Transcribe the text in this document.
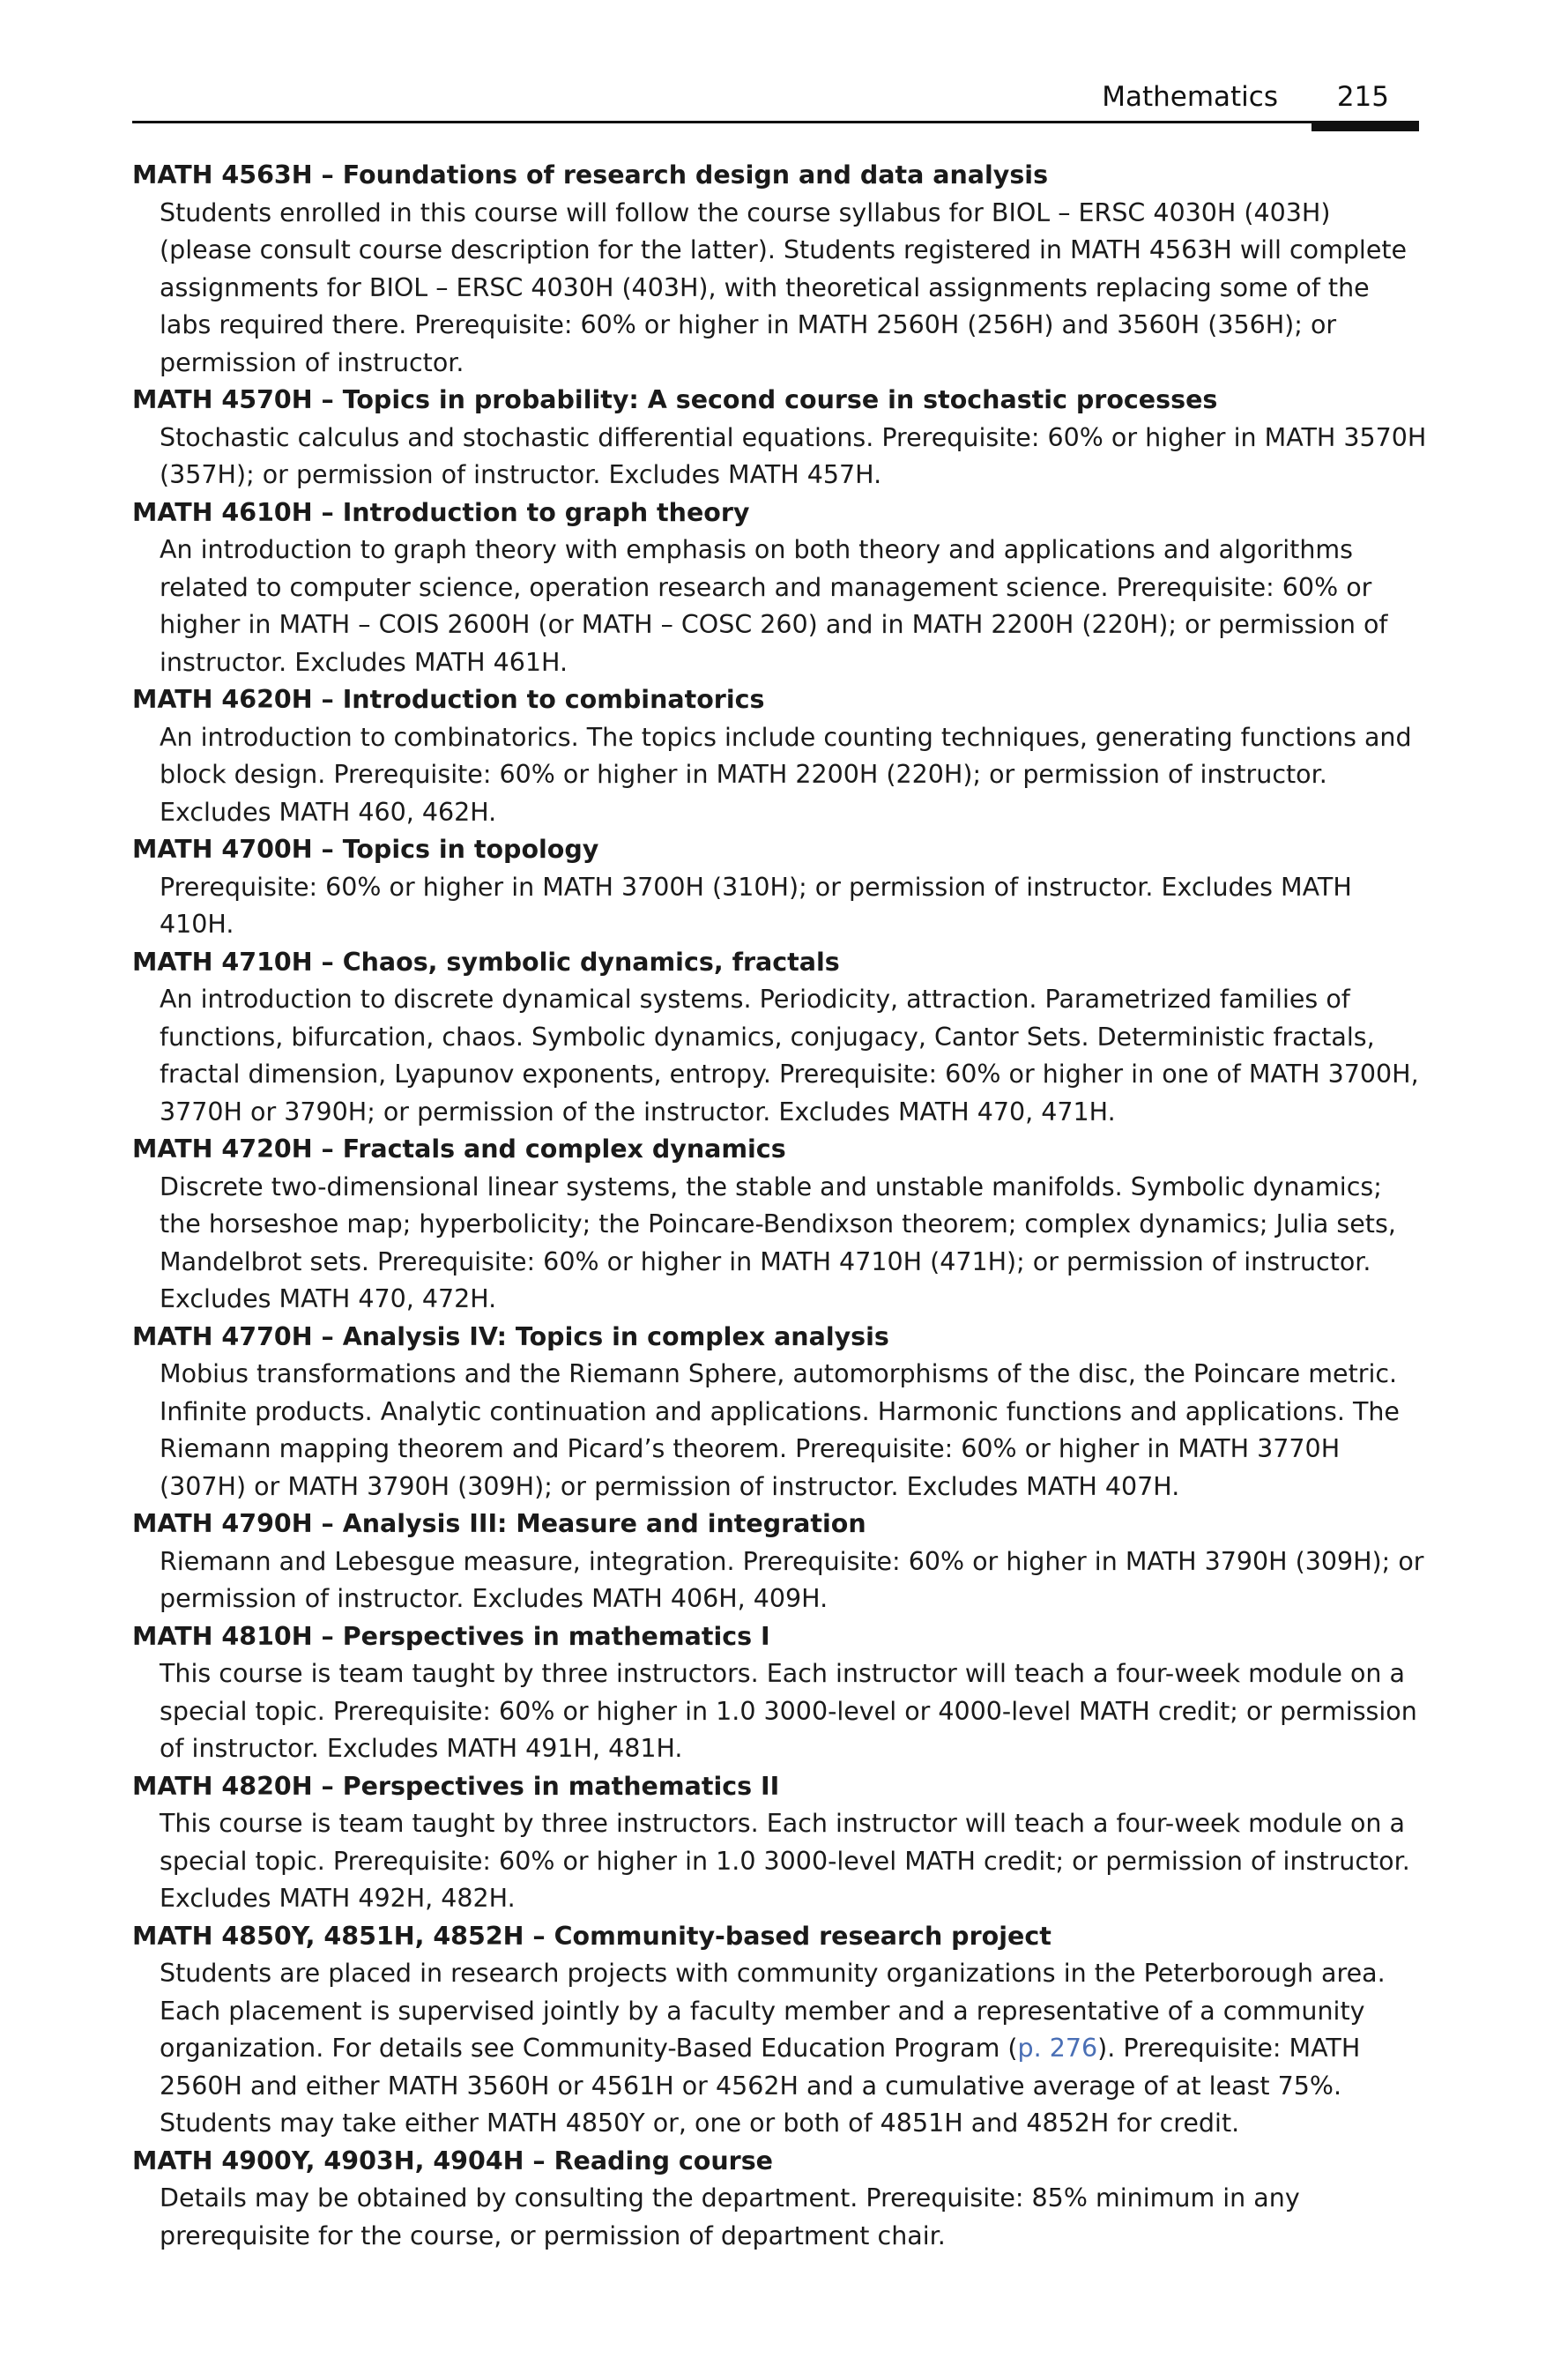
Mathematics 215

MATH 4563H – Foundations of research design and data analysis

Students enrolled in this course will follow the course syllabus for BIOL – ERSC 4030H (403H) (please consult course description for the latter). Students registered in MATH 4563H will complete assignments for BIOL – ERSC 4030H (403H), with theoretical assignments replacing some of the labs required there. Prerequisite: 60% or higher in MATH 2560H (256H) and 3560H (356H); or permission of instructor.

MATH 4570H – Topics in probability: A second course in stochastic processes

Stochastic calculus and stochastic differential equations. Prerequisite: 60% or higher in MATH 3570H (357H); or permission of instructor. Excludes MATH 457H.

MATH 4610H – Introduction to graph theory

An introduction to graph theory with emphasis on both theory and applications and algorithms related to computer science, operation research and management science. Prerequisite: 60% or higher in MATH – COIS 2600H (or MATH – COSC 260) and in MATH 2200H (220H); or permission of instructor. Excludes MATH 461H.

MATH 4620H – Introduction to combinatorics

An introduction to combinatorics. The topics include counting techniques, generating functions and block design. Prerequisite: 60% or higher in MATH 2200H (220H); or permission of instructor. Excludes MATH 460, 462H.

MATH 4700H – Topics in topology

Prerequisite: 60% or higher in MATH 3700H (310H); or permission of instructor. Excludes MATH 410H.

MATH 4710H – Chaos, symbolic dynamics, fractals

An introduction to discrete dynamical systems. Periodicity, attraction. Parametrized families of functions, bifurcation, chaos. Symbolic dynamics, conjugacy, Cantor Sets. Deterministic fractals, fractal dimension, Lyapunov exponents, entropy. Prerequisite: 60% or higher in one of MATH 3700H, 3770H or 3790H; or permission of the instructor. Excludes MATH 470, 471H.

MATH 4720H – Fractals and complex dynamics

Discrete two-dimensional linear systems, the stable and unstable manifolds. Symbolic dynamics; the horseshoe map; hyperbolicity; the Poincare-Bendixson theorem; complex dynamics; Julia sets, Mandelbrot sets. Prerequisite: 60% or higher in MATH 4710H (471H); or permission of instructor. Excludes MATH 470, 472H.

MATH 4770H – Analysis IV: Topics in complex analysis

Mobius transformations and the Riemann Sphere, automorphisms of the disc, the Poincare metric. Infinite products. Analytic continuation and applications. Harmonic functions and applications. The Riemann mapping theorem and Picard’s theorem. Prerequisite: 60% or higher in MATH 3770H (307H) or MATH 3790H (309H); or permission of instructor. Excludes MATH 407H.

MATH 4790H – Analysis III: Measure and integration

Riemann and Lebesgue measure, integration. Prerequisite: 60% or higher in MATH 3790H (309H); or permission of instructor. Excludes MATH 406H, 409H.

MATH 4810H – Perspectives in mathematics I

This course is team taught by three instructors. Each instructor will teach a four-week module on a special topic. Prerequisite: 60% or higher in 1.0 3000-level or 4000-level MATH credit; or permission of instructor. Excludes MATH 491H, 481H.

MATH 4820H – Perspectives in mathematics II

This course is team taught by three instructors. Each instructor will teach a four-week module on a special topic. Prerequisite: 60% or higher in 1.0 3000-level MATH credit; or permission of instructor. Excludes MATH 492H, 482H.

MATH 4850Y, 4851H, 4852H – Community-based research project

Students are placed in research projects with community organizations in the Peterborough area. Each placement is supervised jointly by a faculty member and a representative of a community organization. For details see Community-Based Education Program (p. 276). Prerequisite: MATH 2560H and either MATH 3560H or 4561H or 4562H and a cumulative average of at least 75%. Students may take either MATH 4850Y or, one or both of 4851H and 4852H for credit.

MATH 4900Y, 4903H, 4904H – Reading course

Details may be obtained by consulting the department. Prerequisite: 85% minimum in any prerequisite for the course, or permission of department chair.
